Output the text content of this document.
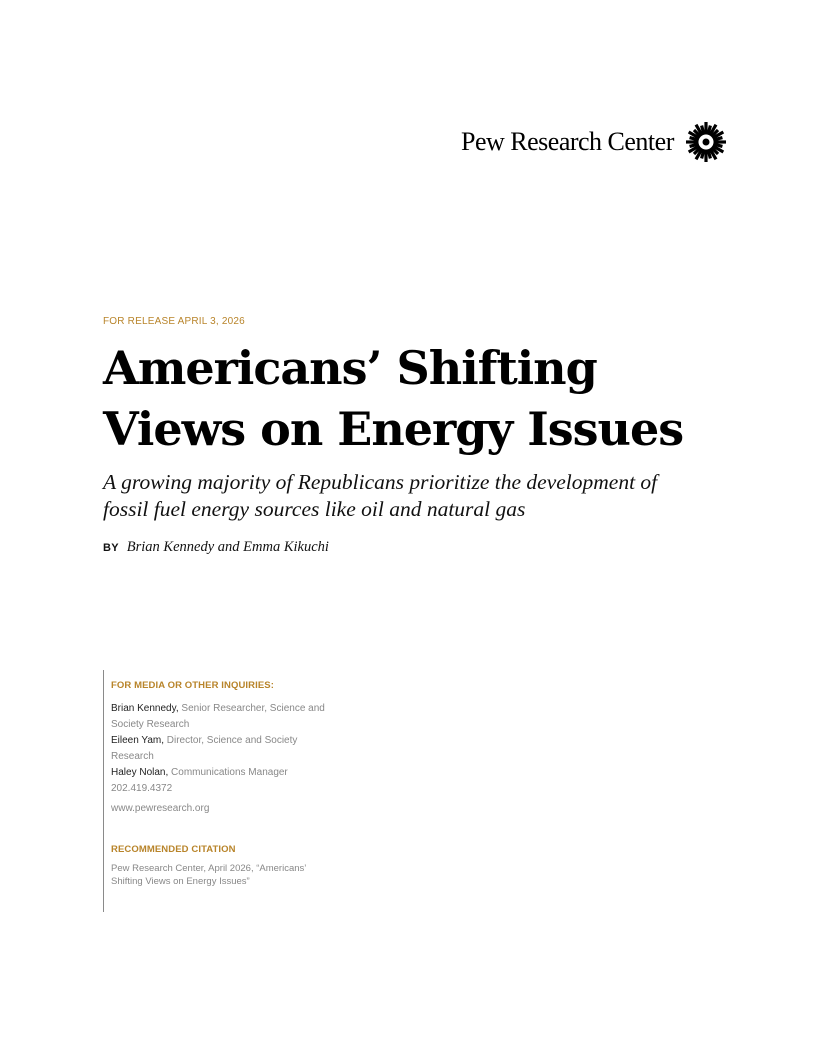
Pew Research Center
FOR RELEASE APRIL 3, 2026
Americans’ Shifting
Views on Energy Issues

A growing majority of Republicans prioritize the development of
fossil fuel energy sources like oil and natural gas

BY Brian Kennedy and Emma Kikuchi

FOR MEDIA OR OTHER INQUIRIES:

Brian Kennedy, Senior Researcher, Science and Society Research
Eileen Yam, Director, Science and Society Research
Haley Nolan, Communications Manager
202.419.4372
www.pewresearch.org

RECOMMENDED CITATION

Pew Research Center, April 2026, “Americans’ Shifting Views on Energy Issues”
